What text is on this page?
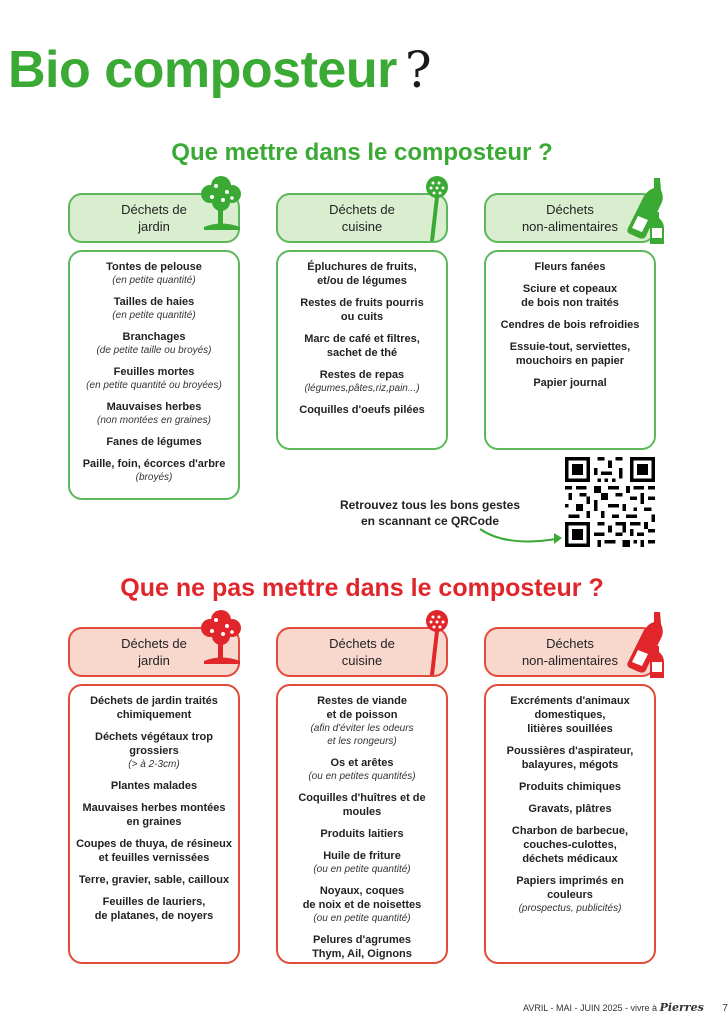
Bio composteur ?
Que mettre dans le composteur ?
Déchets de
jardin
Déchets de
cuisine
Déchets
non-alimentaires
Tontes de pelouse
(en petite quantité)
Tailles de haies
(en petite quantité)
Branchages
(de petite taille ou broyés)
Feuilles mortes
(en petite quantité ou broyées)
Mauvaises herbes
(non montées en graines)
Fanes de légumes
Paille, foin, écorces d'arbre
(broyés)
Épluchures de fruits,
et/ou de légumes
Restes de fruits pourris
ou cuits
Marc de café et filtres,
sachet de thé
Restes de repas
(légumes,pâtes,riz,pain...)
Coquilles d'oeufs pilées
Fleurs fanées
Sciure et copeaux
de bois non traités
Cendres de bois refroidies
Essuie-tout, serviettes,
mouchoirs en papier
Papier journal
Retrouvez tous les bons gestes
en scannant ce QRCode
Que ne pas mettre dans le composteur ?
Déchets de
jardin
Déchets de
cuisine
Déchets
non-alimentaires
Déchets de jardin traités
chimiquement
Déchets végétaux trop
grossiers
(> à 2-3cm)
Plantes malades
Mauvaises herbes montées
en graines
Coupes de thuya, de résineux
et feuilles vernissées
Terre, gravier, sable, cailloux
Feuilles de lauriers,
de platanes, de noyers
Restes de viande
et de poisson
(afin d'éviter les odeurs
et les rongeurs)
Os et arêtes
(ou en petites quantités)
Coquilles d'huîtres et de moules
Produits laitiers
Huile de friture
(ou en petite quantité)
Noyaux, coques
de noix et de noisettes
(ou en petite quantité)
Pelures d'agrumes
Thym, Ail, Oignons
Excréments d'animaux
domestiques,
litières souillées
Poussières d'aspirateur,
balayures, mégots
Produits chimiques
Gravats, plâtres
Charbon de barbecue,
couches-culottes,
déchets médicaux
Papiers imprimés en couleurs
(prospectus, publicités)
AVRIL - MAI - JUIN 2025 - vivre à Pierres 7
